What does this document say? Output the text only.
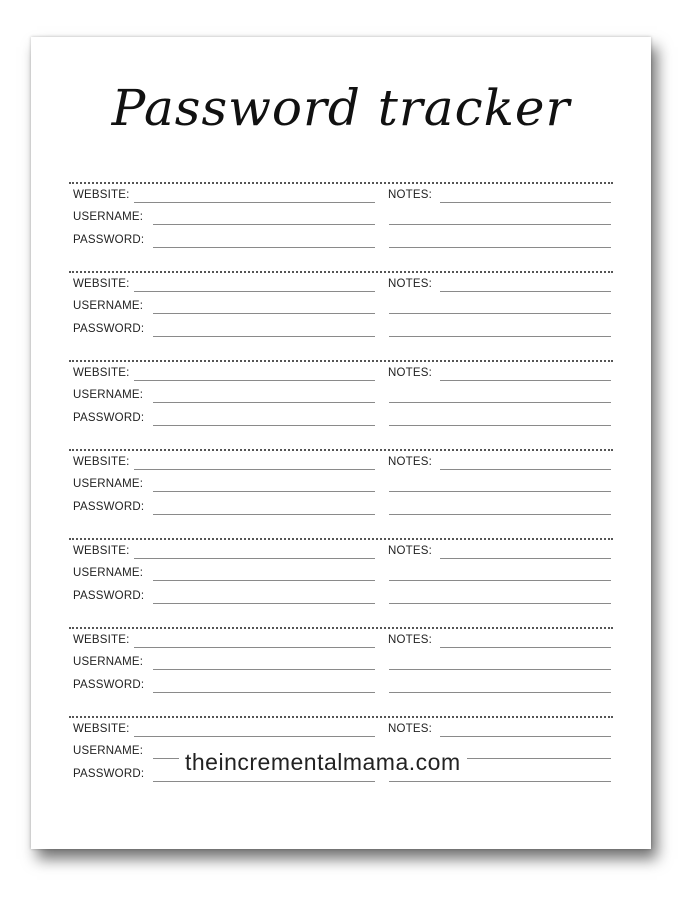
Password tracker
WEBSITE:
USERNAME:
PASSWORD:
NOTES:
WEBSITE:
USERNAME:
PASSWORD:
NOTES:
WEBSITE:
USERNAME:
PASSWORD:
NOTES:
WEBSITE:
USERNAME:
PASSWORD:
NOTES:
WEBSITE:
USERNAME:
PASSWORD:
NOTES:
WEBSITE:
USERNAME:
PASSWORD:
NOTES:
WEBSITE:
USERNAME:
PASSWORD:
NOTES:
theincrementalmama.com
